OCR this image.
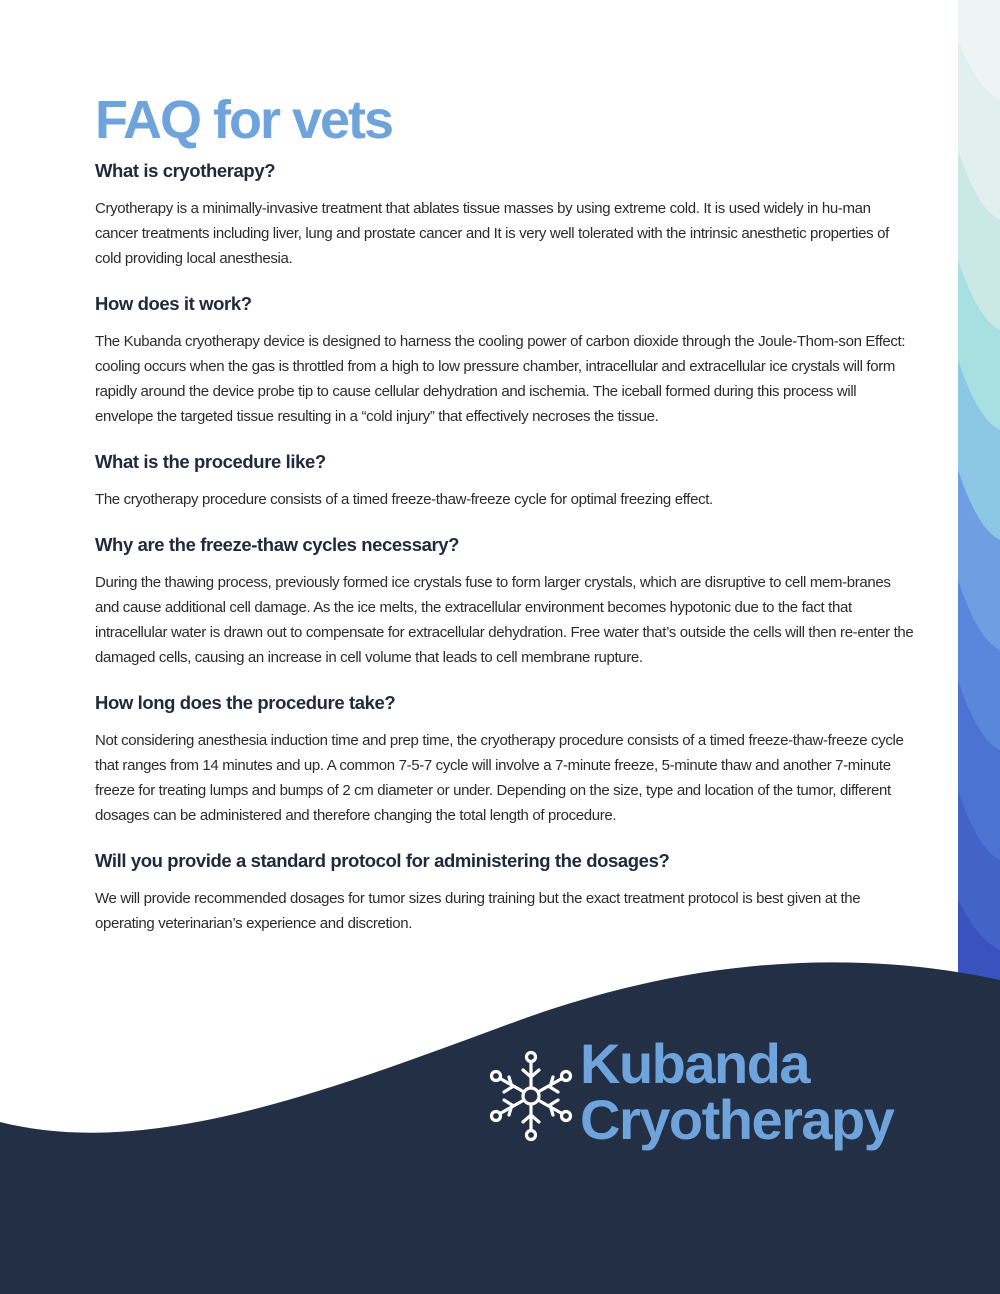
FAQ for vets
What is cryotherapy?

Cryotherapy is a minimally-invasive treatment that ablates tissue masses by using extreme cold. It is used widely in hu-man cancer treatments including liver, lung and prostate cancer and It is very well tolerated with the intrinsic anesthetic properties of cold providing local anesthesia.

How does it work?

The Kubanda cryotherapy device is designed to harness the cooling power of carbon dioxide through the Joule-Thom-son Effect: cooling occurs when the gas is throttled from a high to low pressure chamber, intracellular and extracellular ice crystals will form rapidly around the device probe tip to cause cellular dehydration and ischemia. The iceball formed during this process will envelope the targeted tissue resulting in a “cold injury” that effectively necroses the tissue.

What is the procedure like?

The cryotherapy procedure consists of a timed freeze-thaw-freeze cycle for optimal freezing effect.

Why are the freeze-thaw cycles necessary?

During the thawing process, previously formed ice crystals fuse to form larger crystals, which are disruptive to cell mem-branes and cause additional cell damage. As the ice melts, the extracellular environment becomes hypotonic due to the fact that intracellular water is drawn out to compensate for extracellular dehydration. Free water that’s outside the cells will then re-enter the damaged cells, causing an increase in cell volume that leads to cell membrane rupture.

How long does the procedure take?

Not considering anesthesia induction time and prep time, the cryotherapy procedure consists of a timed freeze-thaw-freeze cycle that ranges from 14 minutes and up. A common 7-5-7 cycle will involve a 7-minute freeze, 5-minute thaw and another 7-minute freeze for treating lumps and bumps of 2 cm diameter or under. Depending on the size, type and location of the tumor, different dosages can be administered and therefore changing the total length of procedure.

Will you provide a standard protocol for administering the dosages?

We will provide recommended dosages for tumor sizes during training but the exact treatment protocol is best given at the operating veterinarian’s experience and discretion.

Kubanda
Cryotherapy
